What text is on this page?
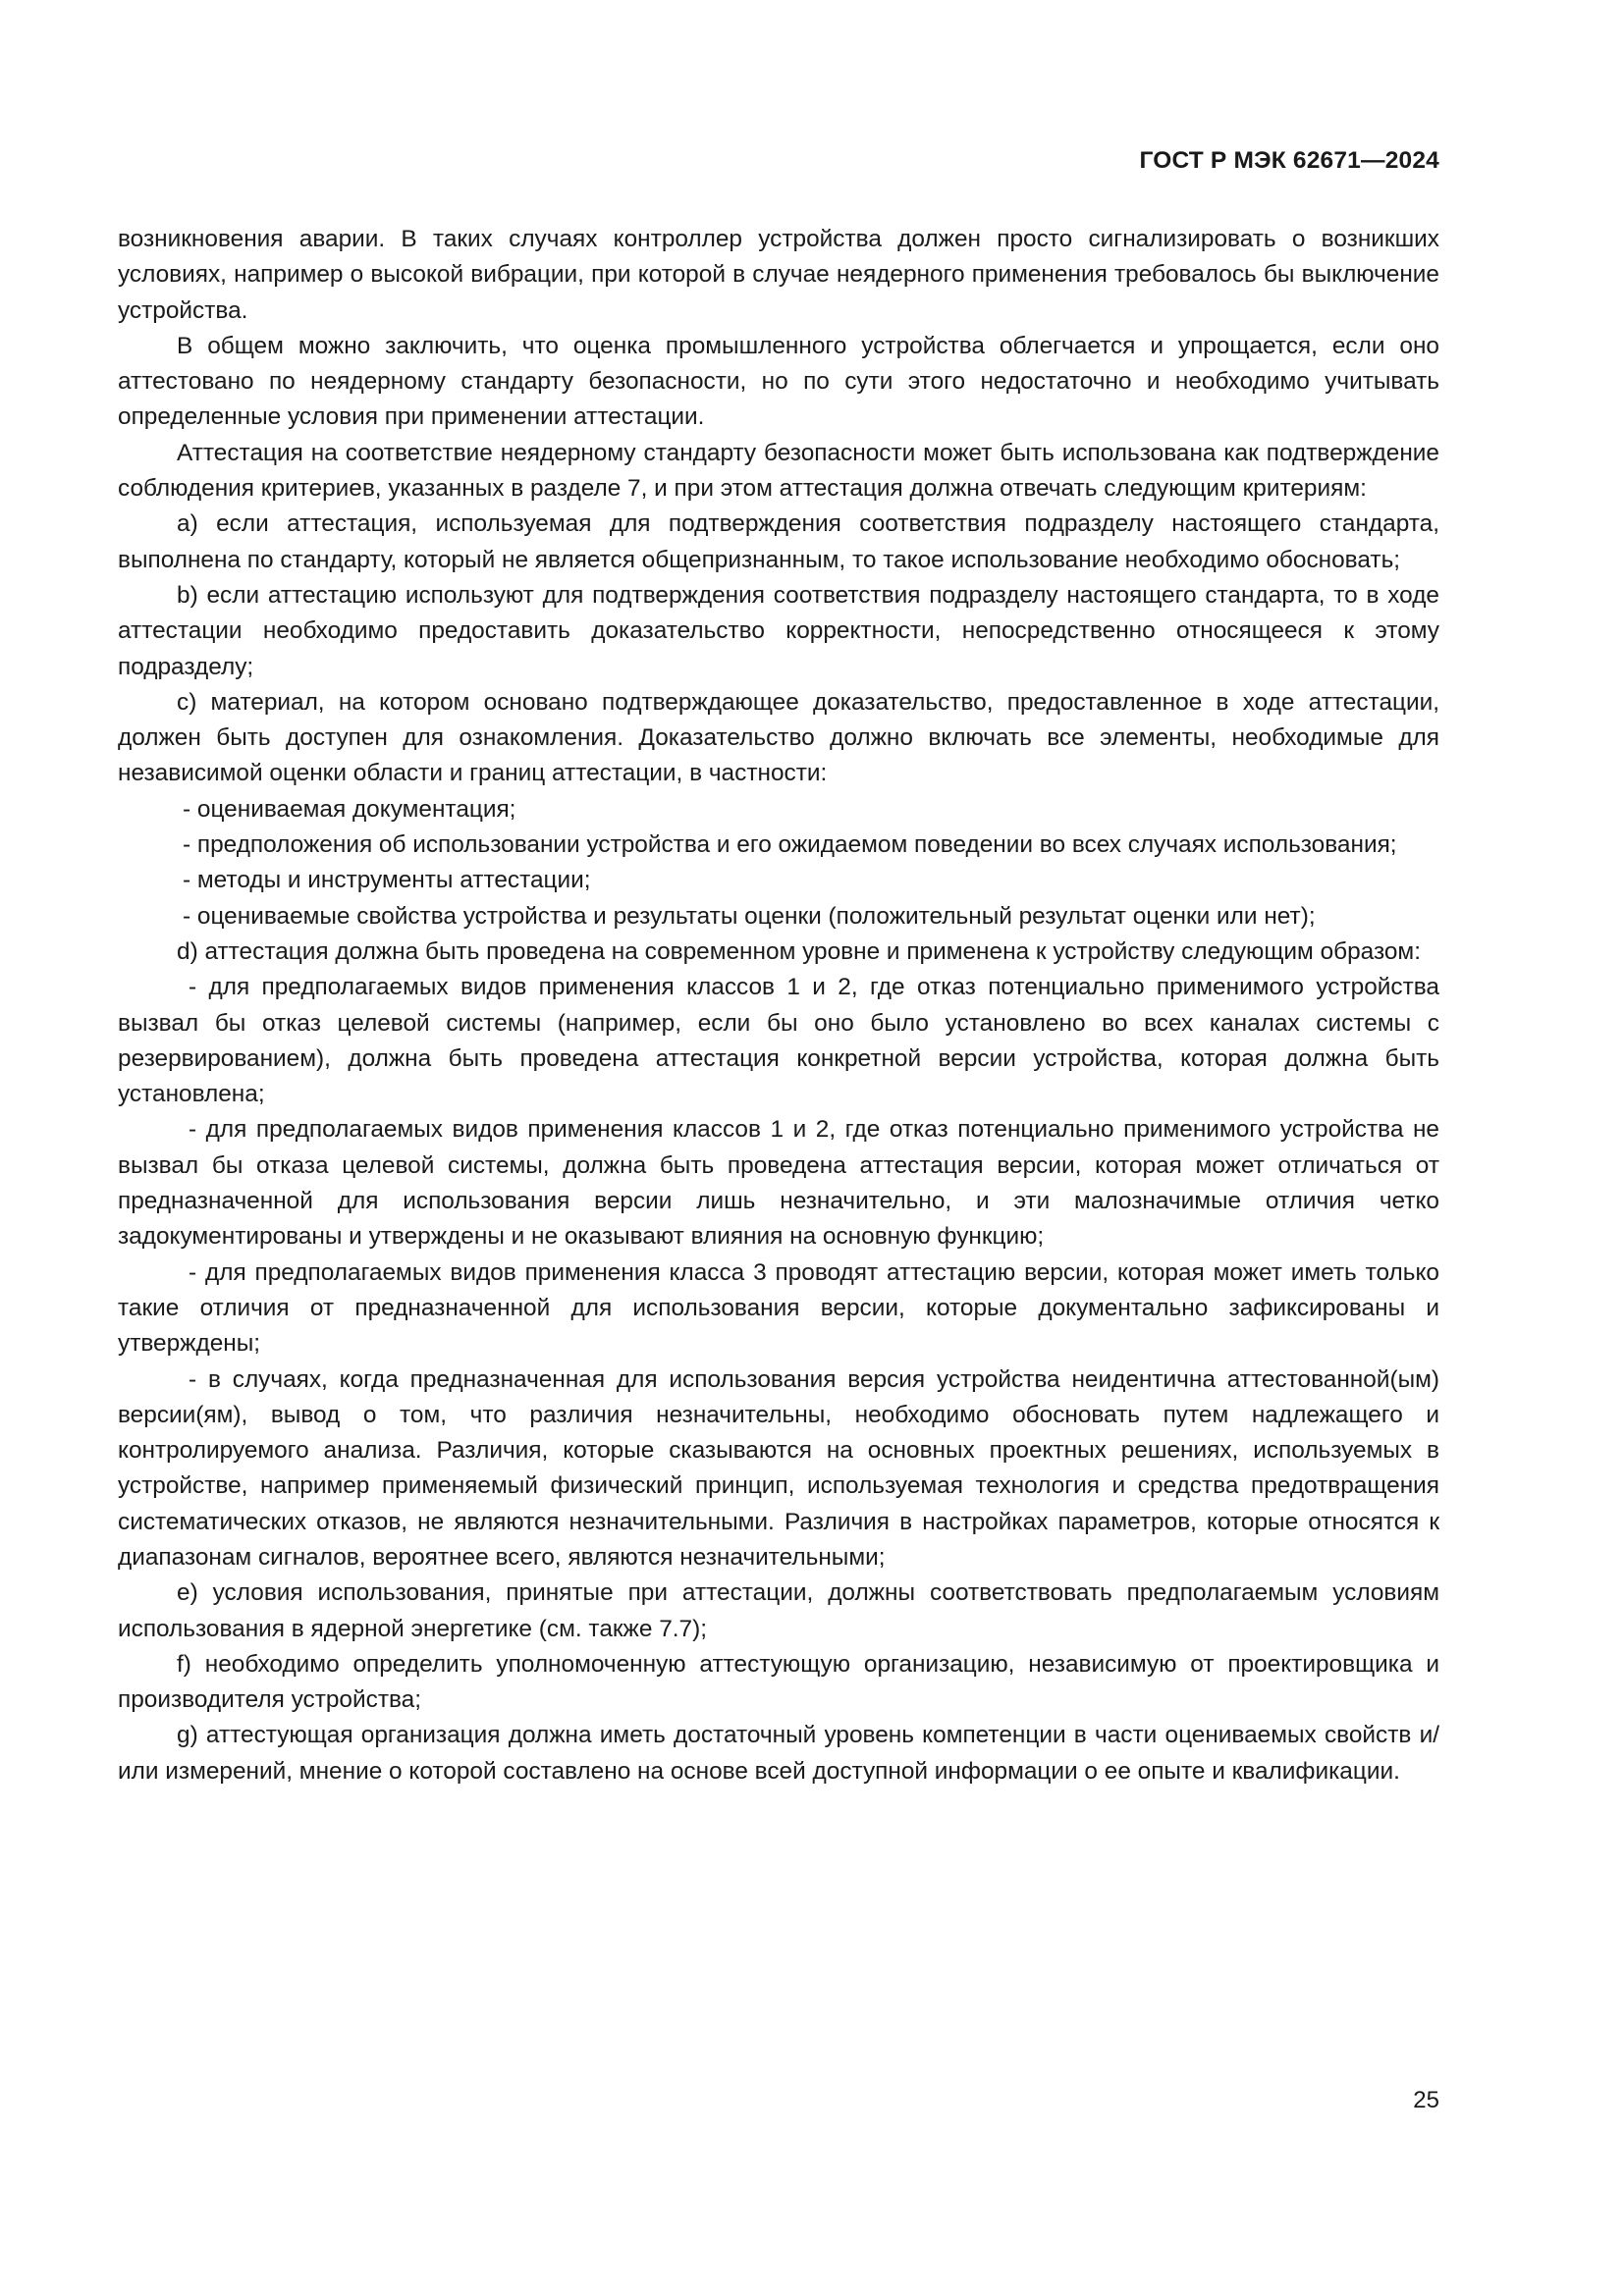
ГОСТ Р МЭК 62671—2024

возникновения аварии. В таких случаях контроллер устройства должен просто сигнализировать о возникших условиях, например о высокой вибрации, при которой в случае неядерного применения требовалось бы выключение устройства.

В общем можно заключить, что оценка промышленного устройства облегчается и упрощается, если оно аттестовано по неядерному стандарту безопасности, но по сути этого недостаточно и необходимо учитывать определенные условия при применении аттестации.

Аттестация на соответствие неядерному стандарту безопасности может быть использована как подтверждение соблюдения критериев, указанных в разделе 7, и при этом аттестация должна отвечать следующим критериям:

а) если аттестация, используемая для подтверждения соответствия подразделу настоящего стандарта, выполнена по стандарту, который не является общепризнанным, то такое использование необходимо обосновать;

b) если аттестацию используют для подтверждения соответствия подразделу настоящего стандарта, то в ходе аттестации необходимо предоставить доказательство корректности, непосредственно относящееся к этому подразделу;

с) материал, на котором основано подтверждающее доказательство, предоставленное в ходе аттестации, должен быть доступен для ознакомления. Доказательство должно включать все элементы, необходимые для независимой оценки области и границ аттестации, в частности:

- оцениваемая документация;

- предположения об использовании устройства и его ожидаемом поведении во всех случаях использования;

- методы и инструменты аттестации;

- оцениваемые свойства устройства и результаты оценки (положительный результат оценки или нет);

d) аттестация должна быть проведена на современном уровне и применена к устройству следующим образом:

- для предполагаемых видов применения классов 1 и 2, где отказ потенциально применимого устройства вызвал бы отказ целевой системы (например, если бы оно было установлено во всех каналах системы с резервированием), должна быть проведена аттестация конкретной версии устройства, которая должна быть установлена;

- для предполагаемых видов применения классов 1 и 2, где отказ потенциально применимого устройства не вызвал бы отказа целевой системы, должна быть проведена аттестация версии, которая может отличаться от предназначенной для использования версии лишь незначительно, и эти малозначимые отличия четко задокументированы и утверждены и не оказывают влияния на основную функцию;

- для предполагаемых видов применения класса 3 проводят аттестацию версии, которая может иметь только такие отличия от предназначенной для использования версии, которые документально зафиксированы и утверждены;

- в случаях, когда предназначенная для использования версия устройства неидентична аттестованной(ым) версии(ям), вывод о том, что различия незначительны, необходимо обосновать путем надлежащего и контролируемого анализа. Различия, которые сказываются на основных проектных решениях, используемых в устройстве, например применяемый физический принцип, используемая технология и средства предотвращения систематических отказов, не являются незначительными. Различия в настройках параметров, которые относятся к диапазонам сигналов, вероятнее всего, являются незначительными;

е) условия использования, принятые при аттестации, должны соответствовать предполагаемым условиям использования в ядерной энергетике (см. также 7.7);

f) необходимо определить уполномоченную аттестующую организацию, независимую от проектировщика и производителя устройства;

g) аттестующая организация должна иметь достаточный уровень компетенции в части оцениваемых свойств и/или измерений, мнение о которой составлено на основе всей доступной информации о ее опыте и квалификации.

25
